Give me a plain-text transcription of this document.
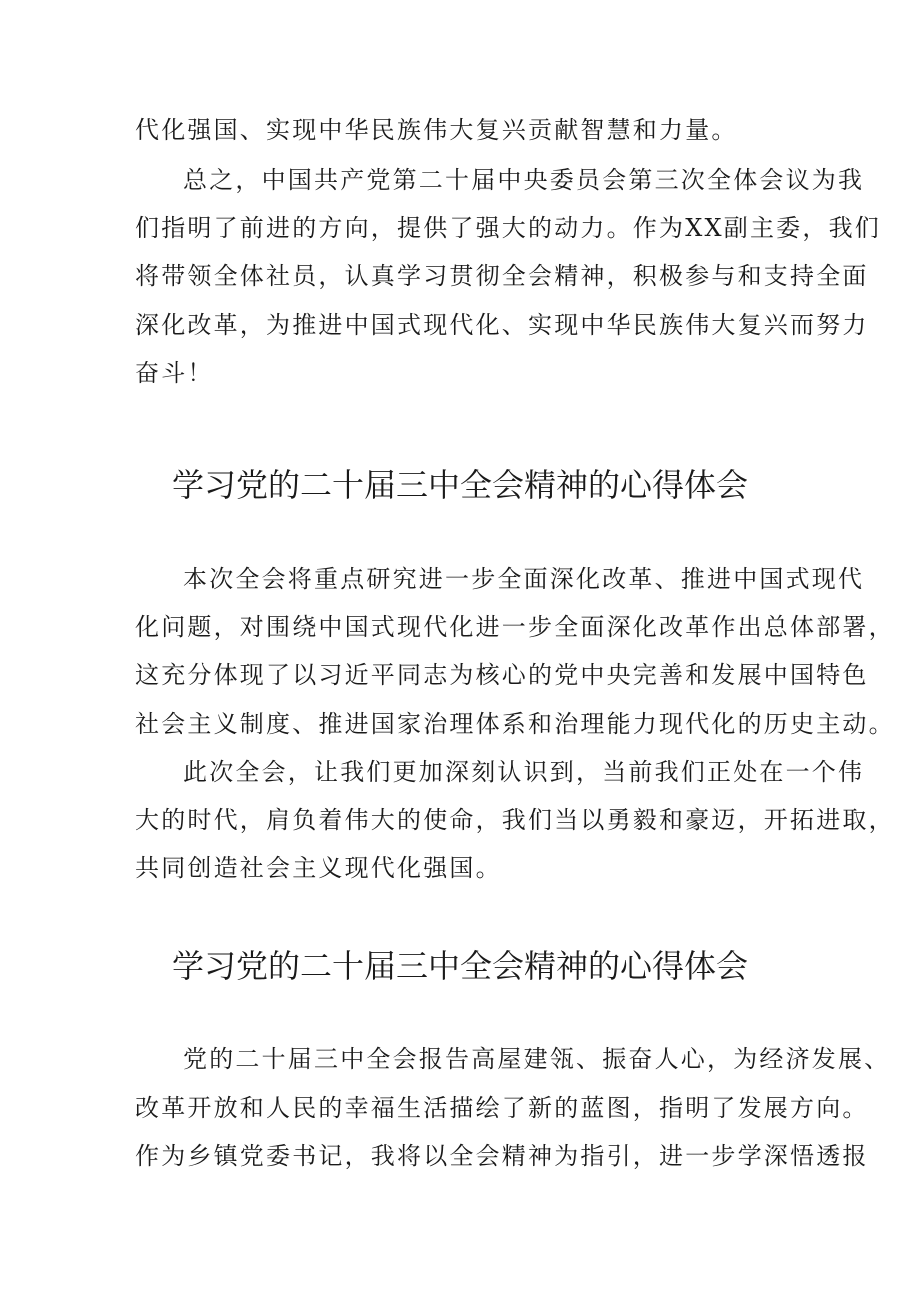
代化强国、实现中华民族伟大复兴贡献智慧和力量。
总之，中国共产党第二十届中央委员会第三次全体会议为我
们指明了前进的方向，提供了强大的动力。作为XX副主委，我们
将带领全体社员，认真学习贯彻全会精神，积极参与和支持全面
深化改革，为推进中国式现代化、实现中华民族伟大复兴而努力
奋斗！
学习党的二十届三中全会精神的心得体会
本次全会将重点研究进一步全面深化改革、推进中国式现代
化问题，对围绕中国式现代化进一步全面深化改革作出总体部署，
这充分体现了以习近平同志为核心的党中央完善和发展中国特色
社会主义制度、推进国家治理体系和治理能力现代化的历史主动。
此次全会，让我们更加深刻认识到，当前我们正处在一个伟
大的时代，肩负着伟大的使命，我们当以勇毅和豪迈，开拓进取，
共同创造社会主义现代化强国。
学习党的二十届三中全会精神的心得体会
党的二十届三中全会报告高屋建瓴、振奋人心，为经济发展、
改革开放和人民的幸福生活描绘了新的蓝图，指明了发展方向。
作为乡镇党委书记，我将以全会精神为指引，进一步学深悟透报
